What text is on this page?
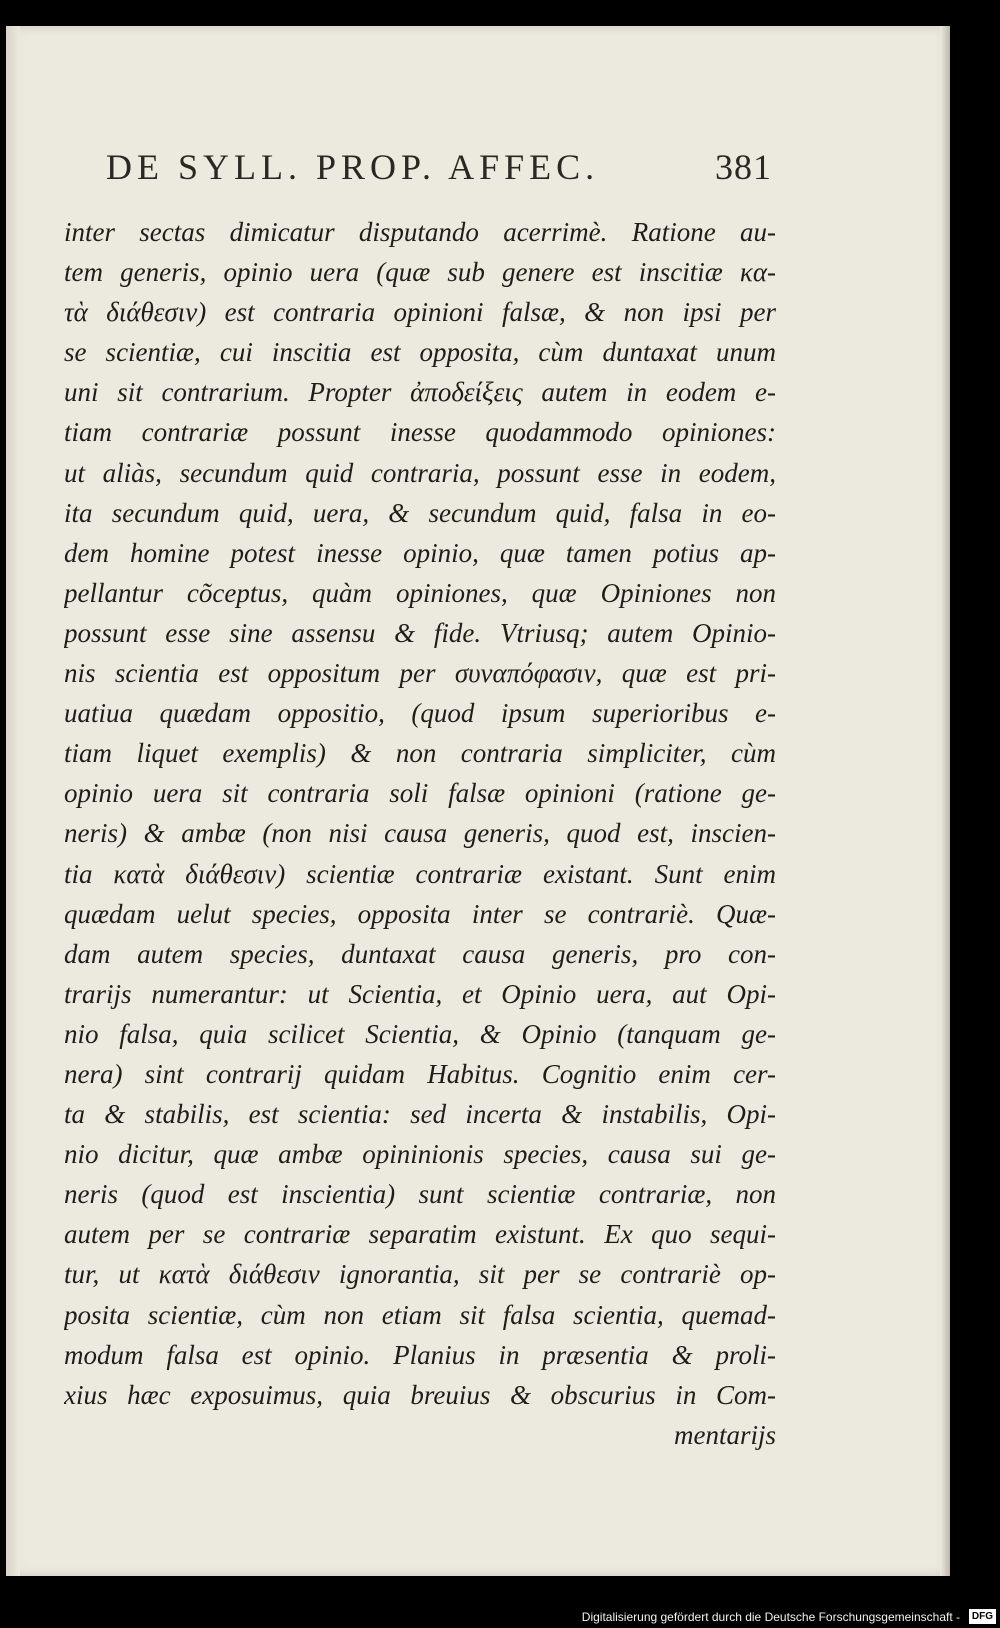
DE SYLL. PROP. AFFEC.	381
inter sectas dimicatur disputando acerrimè. Ratione au-
tem generis, opinio uera (quæ sub genere est inscitiæ κα-
τὰ διάθεσιν) est contraria opinioni falsæ, & non ipsi per
se scientiæ, cui inscitia est opposita, cùm duntaxat unum
uni sit contrarium. Propter ἀποδείξεις autem in eodem e-
tiam contrariæ possunt inesse quodammodo opiniones:
ut aliàs, secundum quid contraria, possunt esse in eodem,
ita secundum quid, uera, & secundum quid, falsa in eo-
dem homine potest inesse opinio, quæ tamen potius ap-
pellantur cõceptus, quàm opiniones, quæ Opiniones non
possunt esse sine assensu & fide. Vtriusq; autem Opinio-
nis scientia est oppositum per συναπόφασιν, quæ est pri-
uatiua quædam oppositio, (quod ipsum superioribus e-
tiam liquet exemplis) & non contraria simpliciter, cùm
opinio uera sit contraria soli falsæ opinioni (ratione ge-
neris) & ambæ (non nisi causa generis, quod est, inscien-
tia κατὰ διάθεσιν) scientiæ contrariæ existant. Sunt enim
quædam uelut species, opposita inter se contrariè. Quæ-
dam autem species, duntaxat causa generis, pro con-
trarijs numerantur: ut Scientia, et Opinio uera, aut Opi-
nio falsa, quia scilicet Scientia, & Opinio (tanquam ge-
nera) sint contrarij quidam Habitus. Cognitio enim cer-
ta & stabilis, est scientia: sed incerta & instabilis, Opi-
nio dicitur, quæ ambæ opininionis species, causa sui ge-
neris (quod est inscientia) sunt scientiæ contrariæ, non
autem per se contrariæ separatim existunt. Ex quo sequi-
tur, ut κατὰ διάθεσιν ignorantia, sit per se contrariè op-
posita scientiæ, cùm non etiam sit falsa scientia, quemad-
modum falsa est opinio. Planius in præsentia & proli-
xius hæc exposuimus, quia breuius & obscurius in Com-
mentarijs
Digitalisierung gefördert durch die Deutsche Forschungsgemeinschaft -	DFG
